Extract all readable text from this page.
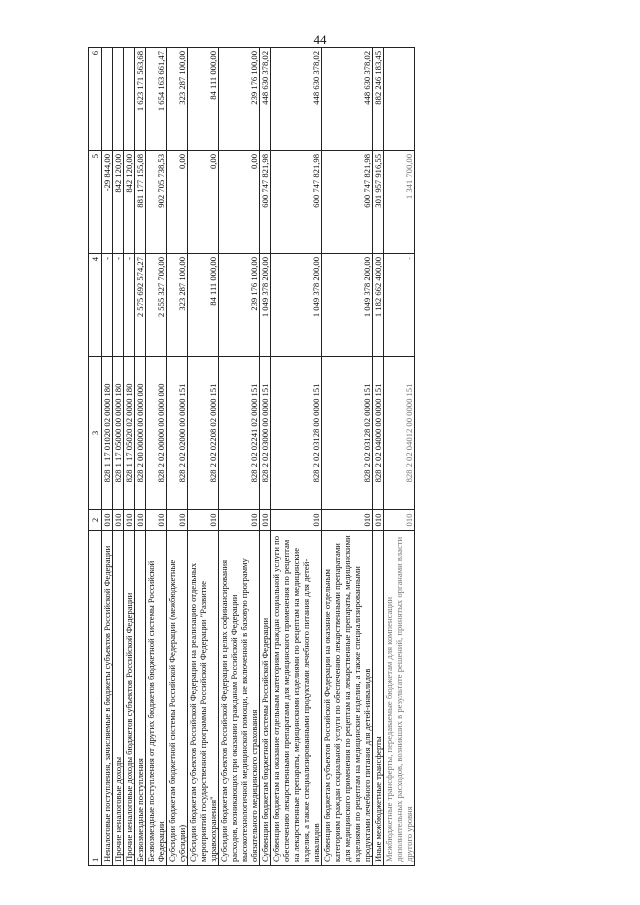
44
1	2	3	4	5	6
Неналоговые поступления, зачисляемые в бюджеты субъектов Российской Федерации	010	828 1 17 01020 02 0000 180	-	-29 844,00	
Прочие неналоговые доходы	010	828 1 17 05000 00 0000 180	-	842 120,00	
Прочие неналоговые доходы бюджетов субъектов Российской Федерации	010	828 1 17 05020 02 0000 180	-	842 120,00	
Безвозмездные поступления	010	828 2 00 00000 00 0000 000	2 575 692 574,27	881 177 155,08	1 623 171 563,68
Безвозмездные поступления от других бюджетов бюджетной системы Российской Федерации	010	828 2 02 00000 00 0000 000	2 555 327 700,00	902 705 738,53	1 654 163 661,47
Субсидии бюджетам бюджетной системы Российской Федерации (межбюджетные субсидии)	010	828 2 02 02000 00 0000 151	323 287 100,00	0,00	323 287 100,00
Субсидии бюджетам субъектов Российской Федерации на реализацию отдельных мероприятий государственной программы Российской Федерации "Развитие здравоохранения"	010	828 2 02 02208 02 0000 151	84 111 000,00	0,00	84 111 000,00
Субсидии бюджетам субъектов Российской Федерации в целях софинансирования расходов, возникающих при оказании гражданам Российской Федерации высокотехнологичной медицинской помощи, не включенной в базовую программу обязательного медицинского страхования	010	828 2 02 02241 02 0000 151	239 176 100,00	0,00	239 176 100,00
Субвенции бюджетам бюджетной системы Российской Федерации	010	828 2 02 03000 00 0000 151	1 049 378 200,00	600 747 821,98	448 630 378,02
Субвенции бюджетам на оказание отдельным категориям граждан социальной услуги по обеспечению лекарственными препаратами для медицинского применения по рецептам на лекарственные препараты, медицинскими изделиями по рецептам на медицинские изделия, а также специализированными продуктами лечебного питания для детей-инвалидов	010	828 2 02 03128 00 0000 151	1 049 378 200,00	600 747 821,98	448 630 378,02
Субвенции бюджетам субъектов Российской Федерации на оказание отдельным категориям граждан социальной услуги по обеспечению лекарственными препаратами для медицинского применения по рецептам на лекарственные препараты, медицинскими изделиями по рецептам на медицинские изделия, а также специализированными продуктами лечебного питания для детей-инвалидов	010	828 2 02 03128 02 0000 151	1 049 378 200,00	600 747 821,98	448 630 378,02
Иные межбюджетные трансферты	010	828 2 02 04000 00 0000 151	1 182 662 400,00	301 957 916,55	882 246 183,45
Межбюджетные трансферты, передаваемые бюджетам для компенсации дополнительных расходов, возникших в результате решений, принятых органами власти другого уровня	010	828 2 02 04012 00 0000 151	-	1 341 700,00	
